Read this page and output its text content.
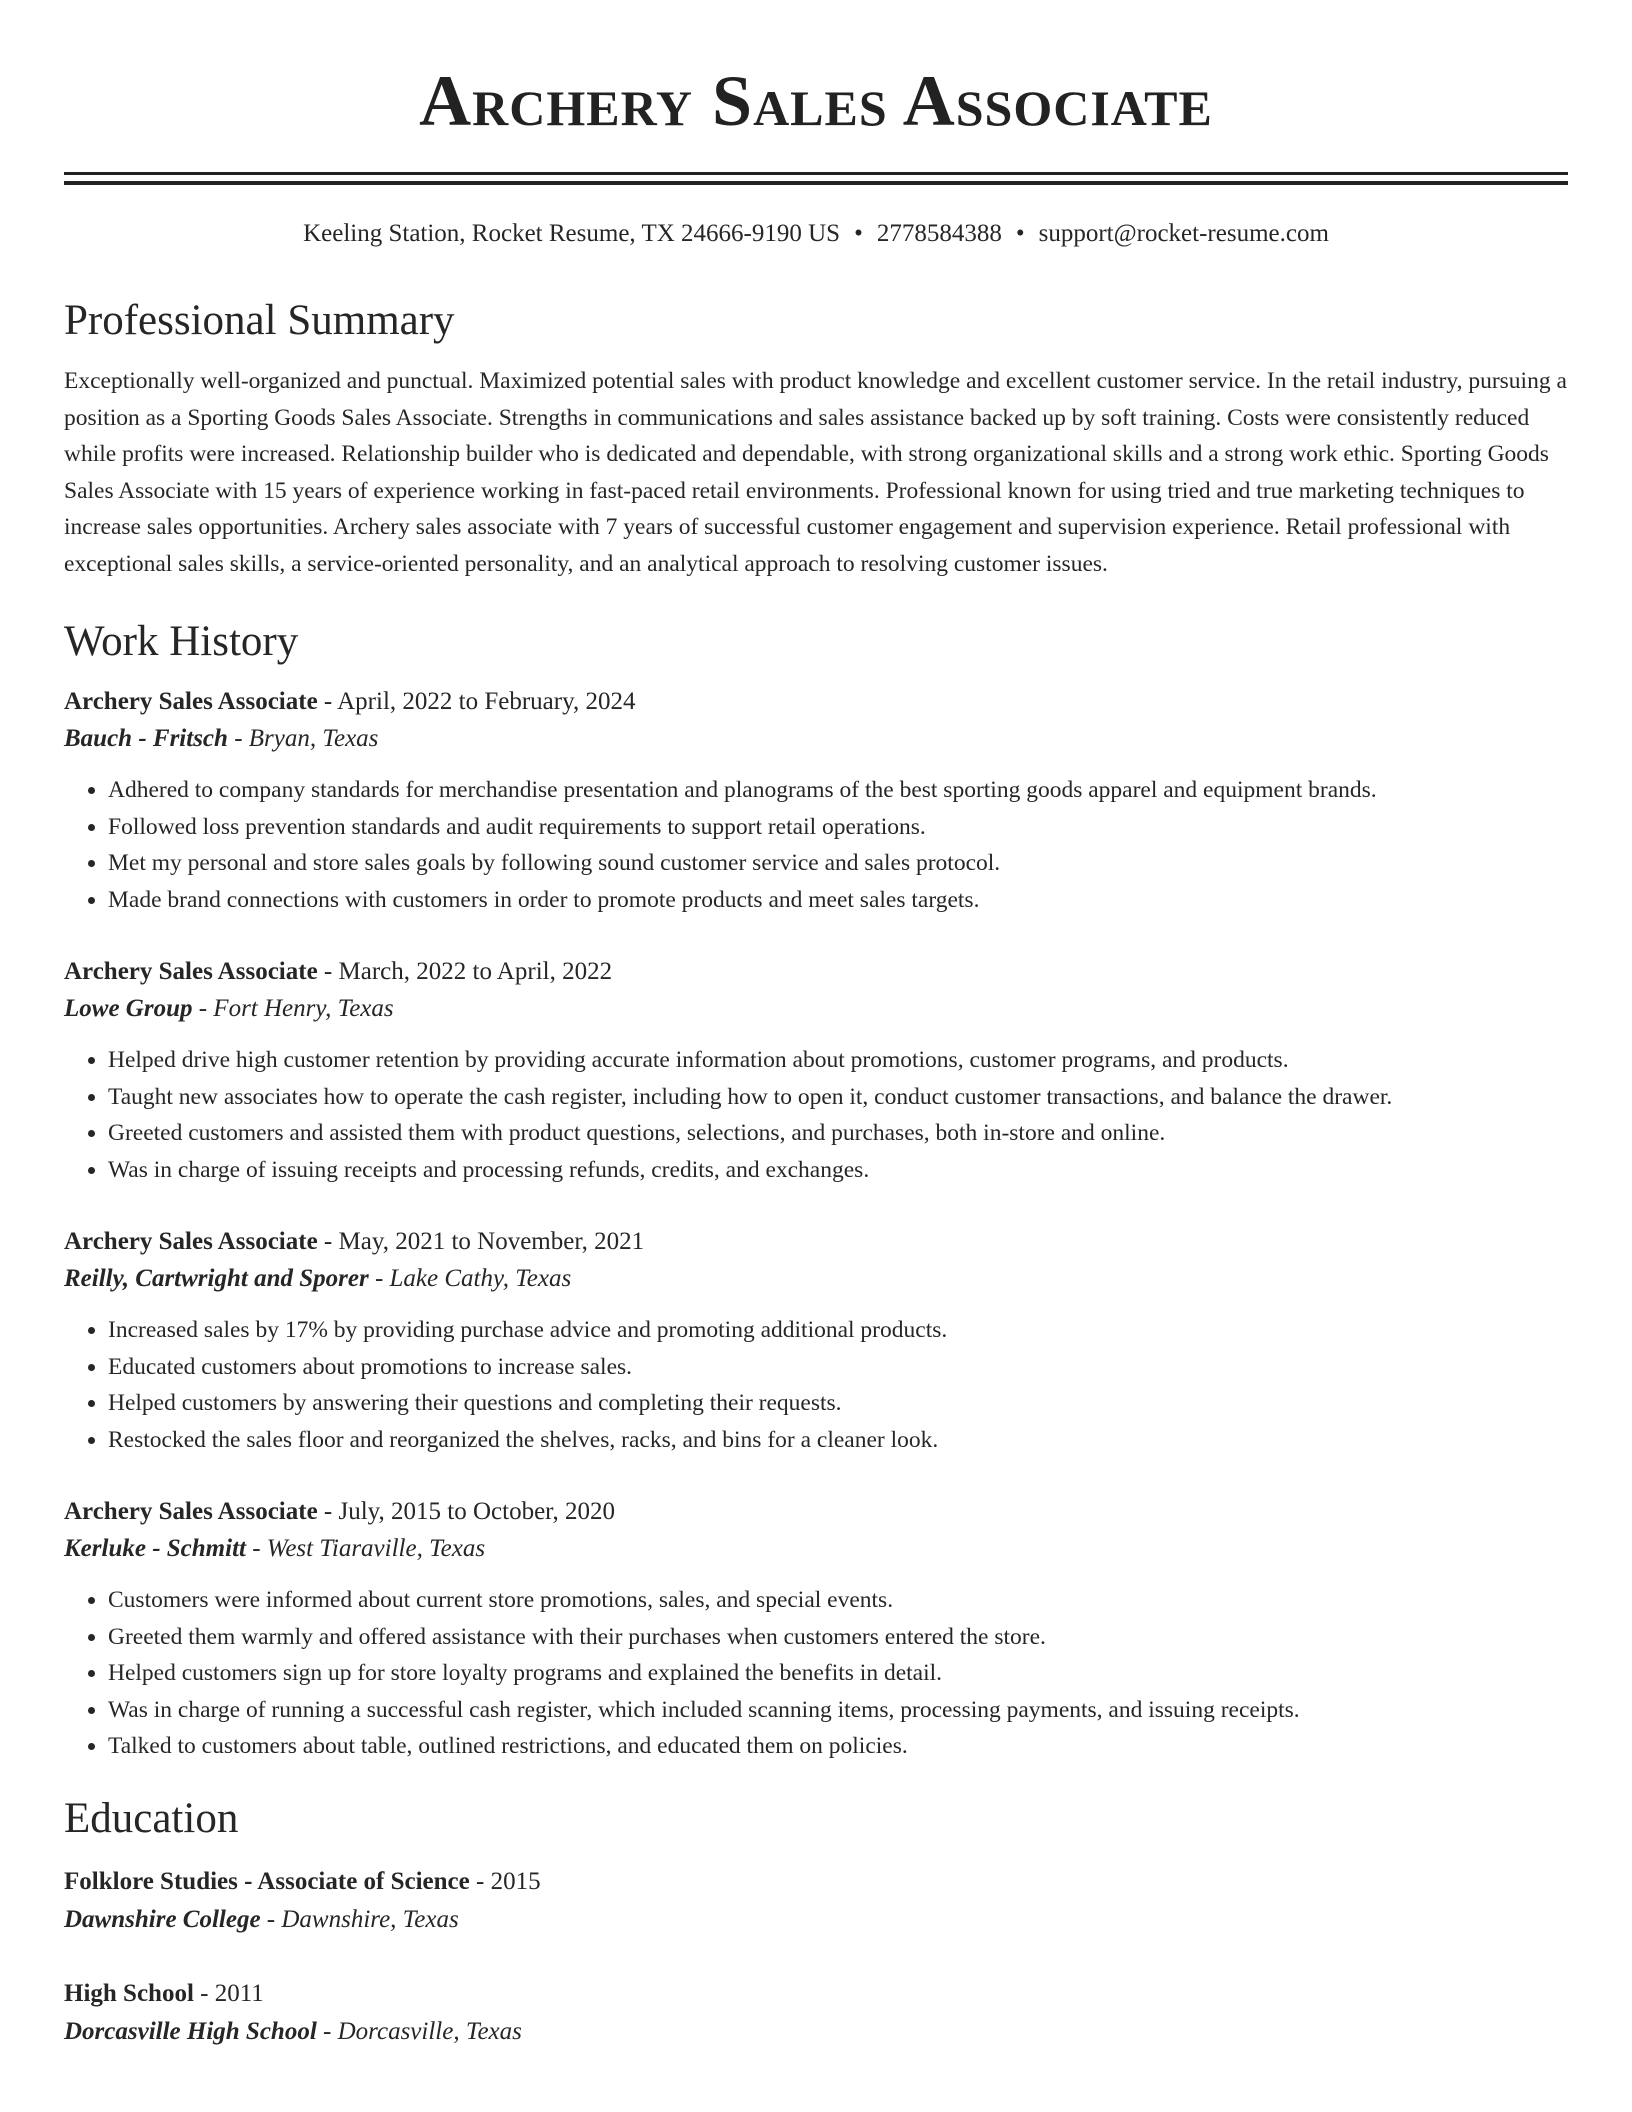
Archery Sales Associate
Keeling Station, Rocket Resume, TX 24666-9190 US • 2778584388 • support@rocket-resume.com
Professional Summary

Exceptionally well-organized and punctual. Maximized potential sales with product knowledge and excellent customer service. In the retail industry, pursuing a position as a Sporting Goods Sales Associate. Strengths in communications and sales assistance backed up by soft training. Costs were consistently reduced while profits were increased. Relationship builder who is dedicated and dependable, with strong organizational skills and a strong work ethic. Sporting Goods Sales Associate with 15 years of experience working in fast-paced retail environments. Professional known for using tried and true marketing techniques to increase sales opportunities. Archery sales associate with 7 years of successful customer engagement and supervision experience. Retail professional with exceptional sales skills, a service-oriented personality, and an analytical approach to resolving customer issues.

Work History
Archery Sales Associate - April, 2022 to February, 2024
Bauch - Fritsch - Bryan, Texas
• Adhered to company standards for merchandise presentation and planograms of the best sporting goods apparel and equipment brands.
• Followed loss prevention standards and audit requirements to support retail operations.
• Met my personal and store sales goals by following sound customer service and sales protocol.
• Made brand connections with customers in order to promote products and meet sales targets.
Archery Sales Associate - March, 2022 to April, 2022
Lowe Group - Fort Henry, Texas
• Helped drive high customer retention by providing accurate information about promotions, customer programs, and products.
• Taught new associates how to operate the cash register, including how to open it, conduct customer transactions, and balance the drawer.
• Greeted customers and assisted them with product questions, selections, and purchases, both in-store and online.
• Was in charge of issuing receipts and processing refunds, credits, and exchanges.
Archery Sales Associate - May, 2021 to November, 2021
Reilly, Cartwright and Sporer - Lake Cathy, Texas
• Increased sales by 17% by providing purchase advice and promoting additional products.
• Educated customers about promotions to increase sales.
• Helped customers by answering their questions and completing their requests.
• Restocked the sales floor and reorganized the shelves, racks, and bins for a cleaner look.
Archery Sales Associate - July, 2015 to October, 2020
Kerluke - Schmitt - West Tiaraville, Texas
• Customers were informed about current store promotions, sales, and special events.
• Greeted them warmly and offered assistance with their purchases when customers entered the store.
• Helped customers sign up for store loyalty programs and explained the benefits in detail.
• Was in charge of running a successful cash register, which included scanning items, processing payments, and issuing receipts.
• Talked to customers about table, outlined restrictions, and educated them on policies.
Education
Folklore Studies - Associate of Science - 2015
Dawnshire College - Dawnshire, Texas
High School - 2011
Dorcasville High School - Dorcasville, Texas
